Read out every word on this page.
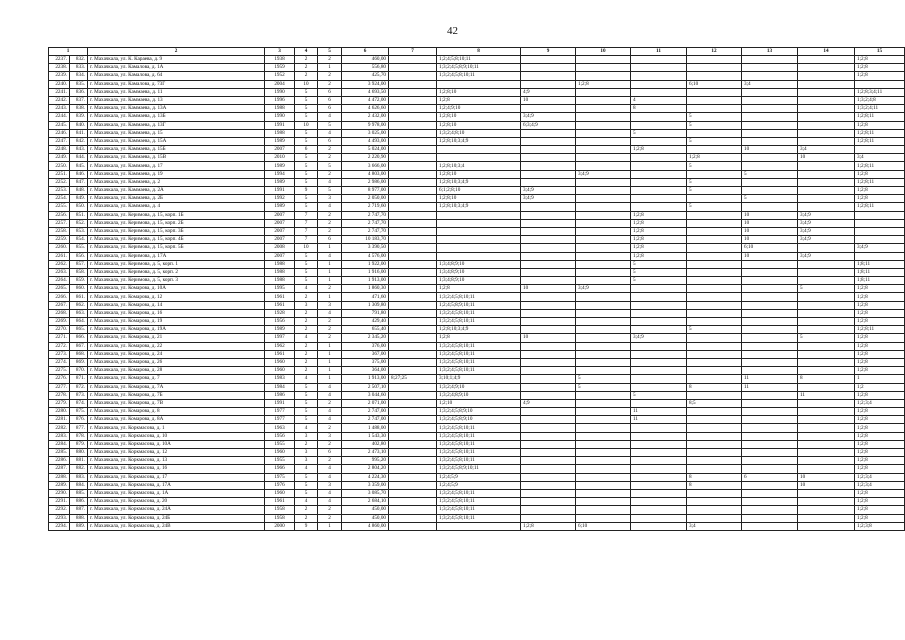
42
1		2	3	4	5	6	7	8	9	10	11	12	13	14	15
2237.	832.	г. Махачкала, ул. К. Караева, д. 9	1938	2	2	460,00		1;2;4;5;8;10;11							1;2;8
2238.	833.	г. Махачкала, ул. Камалова, д. 1А	1959	2	1	556,80		1;3;2;4;5;8;9;10;11							1;2;8
2239.	834.	г. Махачкала, ул. Камалова, д. 64	1952	2	2	425,70		1;3;2;4;5;8;10;11							1;2;8
2240.	835.	г. Махачкала, ул. Камалова, д. 73Г	2004	10	2	3 924,00				1;2;8		6;10	3;4		
2241.	836.	г. Махачкала, ул. Каммаева, д. 11	1990	5	6	4 693,50		1;2;8;10	4;9						1;2;8;3;4;11
2242.	837.	г. Махачкала, ул. Каммаева, д. 13	1996	5	6	4 472,00		1;2;8	10		4				1;3;2;4;8
2243.	838.	г. Махачкала, ул. Каммаева, д. 13А	1988	5	6	4 626,60		1;2;4;9;10			8				1;3;2;4;11
2244.	839.	г. Махачкала, ул. Каммаева, д. 13Б	1990	5	4	2 432,00		1;2;8;10	3;4;9			5			1;2;8;11
2245.	840.	г. Махачкала, ул. Каммаева, д. 13Г	1991	10	5	9 978,00		1;2;8;10	6;3;4;9			5			1;2;8
2246.	841.	г. Махачкала, ул. Каммаева, д. 15	1988	5	4	3 025,00		1;3;2;4;8;10			5				1;2;8;11
2247.	842.	г. Махачкала, ул. Каммаева, д. 15А	1989	5	6	4 493,00		1;2;8;10;3;4;9				5			1;2;8;11
2248.	843.	г. Махачкала, ул. Каммаева, д. 15Б	2007	6	2	5 024,00					1;2;8		10	3;4	
2249.	844.	г. Махачкала, ул. Каммаева, д. 15В	2010	5	2	2 220,90						1;2;8		10	3;4
2250.	845.	г. Махачкала, ул. Каммаева, д. 17	1989	5	5	3 666,00		1;2;8;10;3;4				5			1;2;8;11
2251.	846.	г. Махачкала, ул. Каммаева, д. 19	1994	5	2	4 803,00		1;2;8;10		3;4;9			5		1;2;8
2252.	847.	г. Махачкала, ул. Каммаева, д. 2	1989	5	4	2 986,00		1;2;8;10;3;4;9				5			1;2;8;11
2253.	848.	г. Махачкала, ул. Каммаева, д. 2А	1991	9	5	8 977,00		6;1;2;8;10	3;4;9			5			1;2;8
2254.	849.	г. Махачкала, ул. Каммаева, д. 2Б	1992	5	3	2 050,00		1;2;8;10	3;4;9				5		1;2;8
2255.	850.	г. Махачкала, ул. Каммаева, д. 4	1989	5	4	2 719,60		1;2;8;10;3;4;9				5			1;2;8;11
2256.	851.	г. Махачкала, ул. Керимова, д. 15, корп. 1Б	2007	7	2	2 747,70					1;2;8		10	3;4;9	
2257.	852.	г. Махачкала, ул. Керимова, д. 15, корп. 2Б	2007	7	2	2 747,70					1;2;8		10	3;4;9	
2258.	853.	г. Махачкала, ул. Керимова, д. 15, корп. 3Б	2007	7	2	2 747,70					1;2;8		10	3;4;9	
2259.	854.	г. Махачкала, ул. Керимова, д. 15, корп. 4Б	2007	7	6	10 183,70					1;2;8		10	3;4;9	
2260.	855.	г. Махачкала, ул. Керимова, д. 15, корп. 5Б	2008	10	1	3 390,50					1;2;8		6;10		3;4;9
2261.	856.	г. Махачкала, ул. Керимова, д. 17А	2007	5	4	4 576,00					1;2;8		10	3;4;9	
2262.	857.	г. Махачкала, ул. Керимова, д. 5, корп. 1	1988	5	1	1 922,00		1;3;4;8;9;10			5				1;8;11
2263.	858.	г. Махачкала, ул. Керимова, д. 5, корп. 2	1988	5	1	1 916,00		1;3;4;8;9;10			5				1;8;11
2264.	859.	г. Махачкала, ул. Керимова, д. 5, корп. 3	1988	5	1	1 913,00		1;3;4;8;9;10			5				1;8;11
2265.	860.	г. Махачкала, ул. Комарова, д. 10А	1995	4	2	1 860,30		1;2;8	10	3;4;9				5	1;2;8
2266.	861.	г. Махачкала, ул. Комарова, д. 12	1961	2	1	471,60		1;3;2;4;5;8;10;11							1;2;8
2267.	862.	г. Махачкала, ул. Комарова, д. 14	1961	3	3	1 309,80		1;2;4;5;8;9;10;11							1;2;8
2268.	863.	г. Махачкала, ул. Комарова, д. 16	1928	2	4	791,80		1;3;2;4;5;8;10;11							1;2;8
2269.	864.	г. Махачкала, ул. Комарова, д. 19	1956	2	2	429,40		1;3;2;4;5;8;10;11							1;2;8
2270.	865.	г. Махачкала, ул. Комарова, д. 19А	1989	2	2	655,40		1;2;8;10;3;4;9				5			1;2;8;11
2271.	866.	г. Махачкала, ул. Комарова, д. 21	1997	4	2	2 345,20		1;2;8	10		3;4;9			5	1;2;8
2272.	867.	г. Махачкала, ул. Комарова, д. 22	1962	2	1	376,00		1;3;2;4;5;8;10;11							1;2;8
2273.	868.	г. Махачкала, ул. Комарова, д. 24	1961	2	1	367,00		1;3;2;4;5;8;10;11							1;2;8
2274.	869.	г. Махачкала, ул. Комарова, д. 26	1960	2	1	375,00		1;3;2;4;5;8;10;11							1;2;8
2275.	870.	г. Махачкала, ул. Комарова, д. 28	1960	2	1	364,00		1;3;2;4;5;8;10;11							1;2;8
2276.	871.	г. Махачкала, ул. Комарова, д. 7	1983	4	1	1 913,00	8;27;25	3;10;1;4;9		5			11	8	1
2277.	872.	г. Махачкала, ул. Комарова, д. 7А	1984	5	4	2 507,10		1;3;2;4;9;10		5		8	11		1;2
2278.	873.	г. Махачкала, ул. Комарова, д. 7Б	1986	5	4	3 044,60		1;3;2;4;8;9;10			5			11	1;2;8
2279.	874.	г. Махачкала, ул. Комарова, д. 7В	1991	5	2	2 071,00		1;2;10	4;9			8;5			1;2;3;4
2280.	875.	г. Махачкала, ул. Комарова, д. 8	1977	5	4	2 747,00		1;3;2;4;5;8;9;10			11				1;2;8
2281.	876.	г. Махачкала, ул. Комарова, д. 8А	1977	5	4	2 747,00		1;3;2;4;5;8;9;10			11				1;2;8
2282.	877.	г. Махачкала, ул. Коркмасова, д. 1	1963	4	2	1 488,00		1;3;2;4;5;8;10;11							1;2;8
2283.	878.	г. Махачкала, ул. Коркмасова, д. 10	1956	3	3	1 543,30		1;3;2;4;5;8;10;11							1;2;8
2284.	879.	г. Махачкала, ул. Коркмасова, д. 10А	1955	2	2	402,80		1;3;2;4;5;8;10;11							1;2;8
2285.	880.	г. Махачкала, ул. Коркмасова, д. 12	1960	3	6	2 473,10		1;3;2;4;5;8;10;11							1;2;8
2286.	881.	г. Махачкала, ул. Коркмасова, д. 13	1955	3	2	995,20		1;3;2;4;5;8;10;11							1;2;8
2287.	882.	г. Махачкала, ул. Коркмасова, д. 16	1966	4	4	2 804,20		1;3;2;4;5;8;9;10;11							1;2;8
2288.	883.	г. Махачкала, ул. Коркмасова, д. 17	1975	5	4	4 224,30		1;2;4;5;9				8	6	10	1;2;3;4
2289.	884.	г. Махачкала, ул. Коркмасова, д. 17А	1976	5	3	3 359,00		1;2;4;5;9				8		10	1;2;3;4
2290.	885.	г. Махачкала, ул. Коркмасова, д. 1А	1960	5	4	3 085,70		1;3;2;4;5;8;10;11							1;2;8
2291.	886.	г. Махачкала, ул. Коркмасова, д. 20	1961	4	4	2 684,10		1;3;2;4;5;8;10;11							1;2;8
2292.	887.	г. Махачкала, ул. Коркмасова, д. 24А	1958	2	2	450,00		1;3;2;4;5;8;10;11							1;2;8
2293.	888.	г. Махачкала, ул. Коркмасова, д. 24Б	1958	2	2	450,00		1;3;2;4;5;8;10;11							1;2;8
2294.	889.	г. Махачкала, ул. Коркмасова, д. 24В	2000	9	1	4 860,00			1;2;8	6;10		3;4			1;2;3;8
